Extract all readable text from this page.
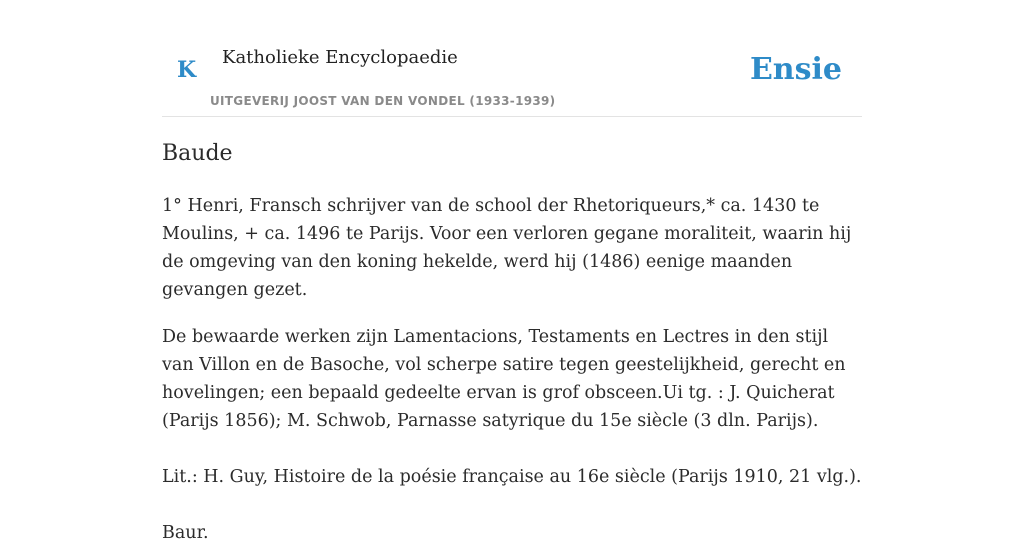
K Katholieke Encyclopaedie
UITGEVERIJ JOOST VAN DEN VONDEL (1933-1939)
Ensie
Baude

1° Henri, Fransch schrijver van de school der Rhetoriqueurs,* ca. 1430 te Moulins, + ca. 1496 te Parijs. Voor een verloren gegane moraliteit, waarin hij de omgeving van den koning hekelde, werd hij (1486) eenige maanden gevangen gezet.

De bewaarde werken zijn Lamentacions, Testaments en Lectres in den stijl van Villon en de Basoche, vol scherpe satire tegen geestelijkheid, gerecht en hovelingen; een bepaald gedeelte ervan is grof obsceen.Ui tg. : J. Quicherat (Parijs 1856); M. Schwob, Parnasse satyrique du 15e siècle (3 dln. Parijs).

Lit.: H. Guy, Histoire de la poésie française au 16e siècle (Parijs 1910, 21 vlg.).

Baur.
